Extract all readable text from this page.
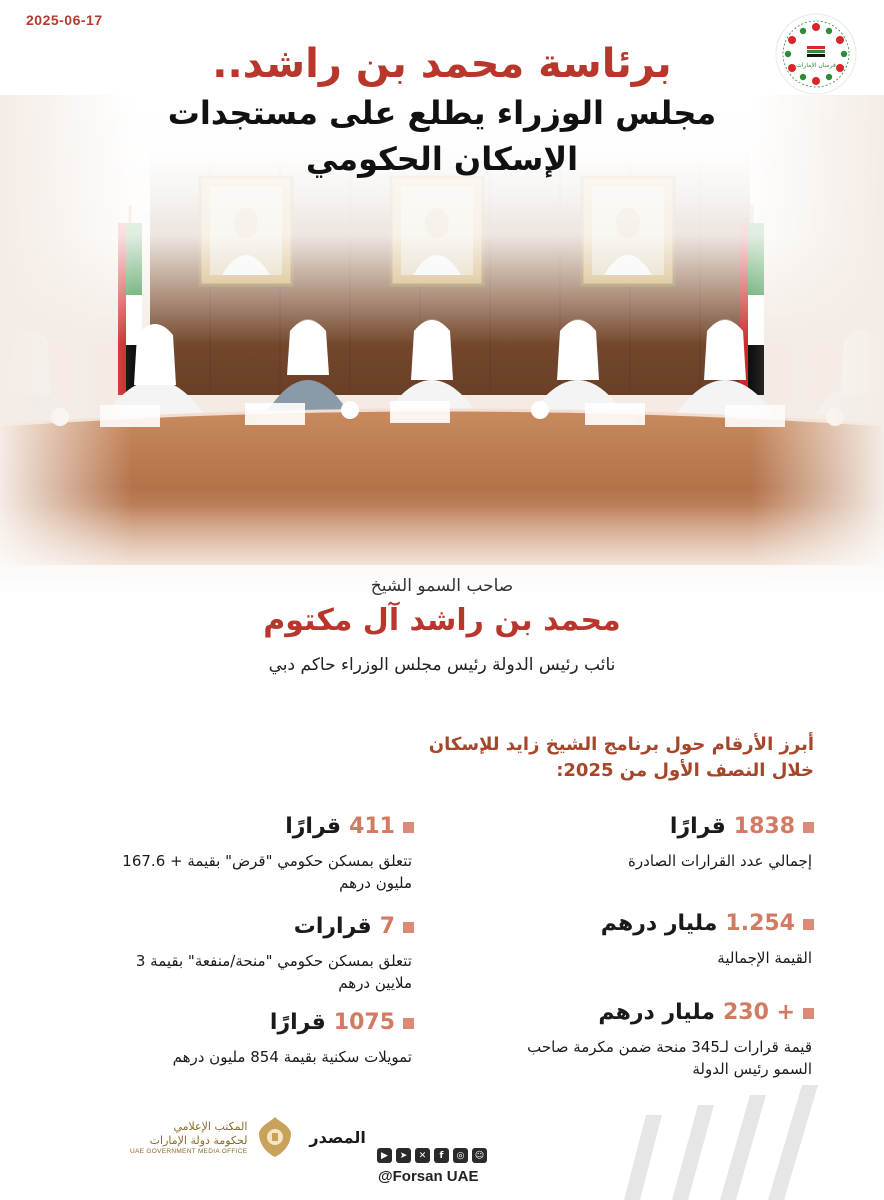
2025-06-17
فرسان الإمارات
برئاسة محمد بن راشد..
مجلس الوزراء يطلع على مستجدات
الإسكان الحكومي
صاحب السمو الشيخ
محمد بن راشد آل مكتوم
نائب رئيس الدولة رئيس مجلس الوزراء حاكم دبي
أبرز الأرقام حول برنامج الشيخ زايد للإسكان
خلال النصف الأول من 2025:
1838
قرارًا
إجمالي عدد القرارات الصادرة
1.254
مليار درهم
القيمة الإجمالية
+ 230
مليار درهم
قيمة قرارات لـ345 منحة ضمن مكرمة صاحب السمو رئيس الدولة
411
قرارًا
تتعلق بمسكن حكومي "قرض" بقيمة + 167.6 مليون درهم
7
قرارات
تتعلق بمسكن حكومي "منحة/منفعة" بقيمة 3 ملايين درهم
1075
قرارًا
تمويلات سكنية بقيمة 854 مليون درهم
المصدر
المكتب الإعلامي
لحكومة دولة الإمارات
UAE GOVERNMENT MEDIA OFFICE	▶	➤	✕	f	◎	☺
@Forsan UAE
